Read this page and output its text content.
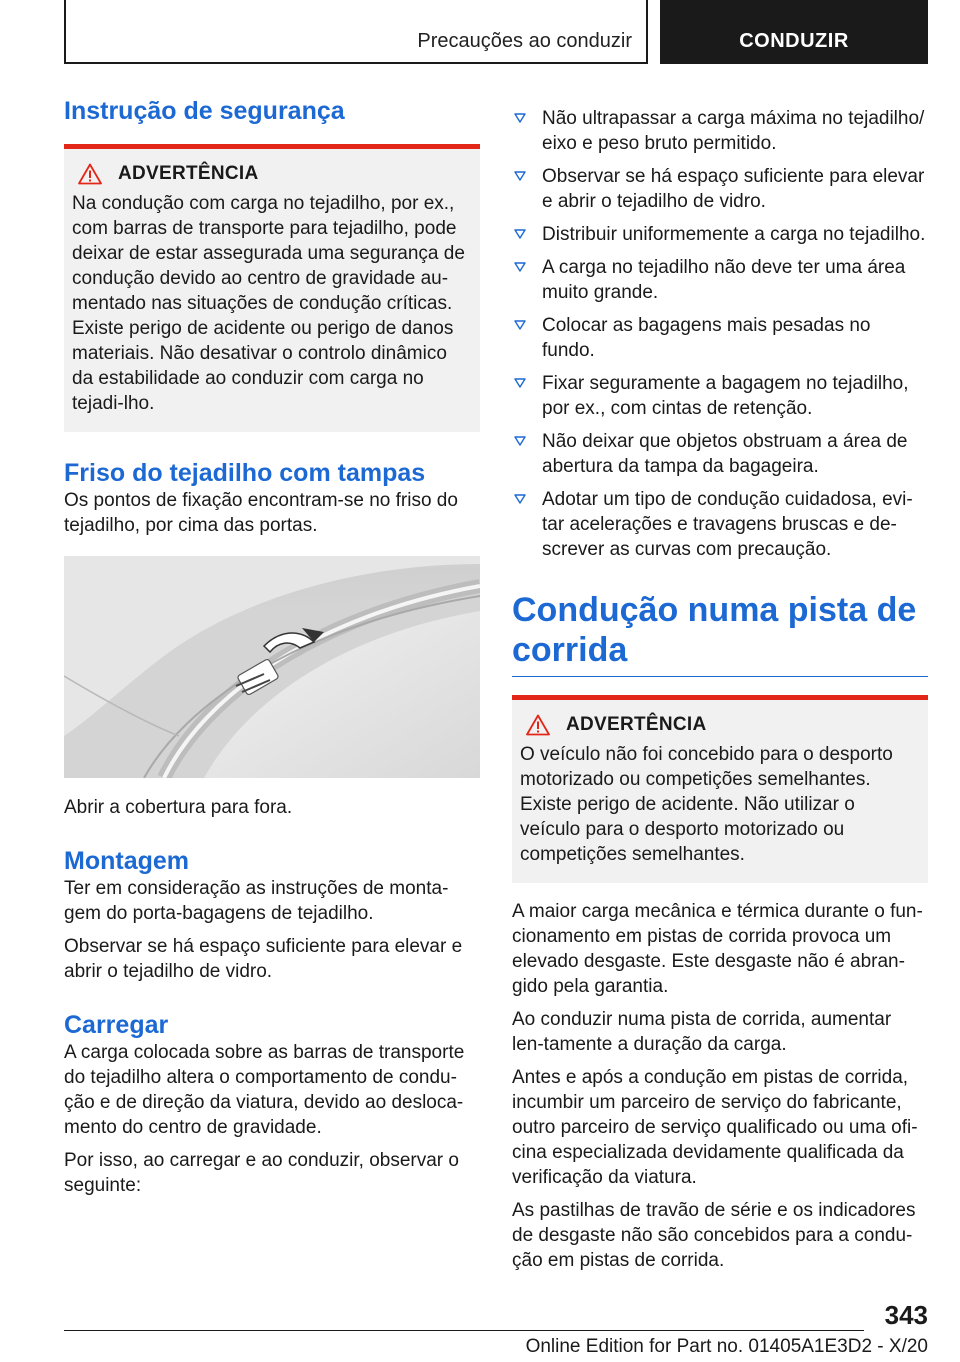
Precauções ao conduzir	CONDUZIR
Instrução de segurança
ADVERTÊNCIA
Na condução com carga no tejadilho, por ex., com barras de transporte para tejadilho, pode deixar de estar assegurada uma segurança de condução devido ao centro de gravidade au-mentado nas situações de condução críticas. Existe perigo de acidente ou perigo de danos materiais. Não desativar o controlo dinâmico da estabilidade ao conduzir com carga no tejadi-lho.
Friso do tejadilho com tampas

Os pontos de fixação encontram-se no friso do tejadilho, por cima das portas.

Abrir a cobertura para fora.

Montagem

Ter em consideração as instruções de monta-gem do porta-bagagens de tejadilho.

Observar se há espaço suficiente para elevar e abrir o tejadilho de vidro.

Carregar

A carga colocada sobre as barras de transporte do tejadilho altera o comportamento de condu-ção e de direção da viatura, devido ao desloca-mento do centro de gravidade.

Por isso, ao carregar e ao conduzir, observar o seguinte:

Não ultrapassar a carga máxima no tejadilho/ eixo e peso bruto permitido.
Observar se há espaço suficiente para elevar e abrir o tejadilho de vidro.
Distribuir uniformemente a carga no tejadilho.
A carga no tejadilho não deve ter uma área muito grande.
Colocar as bagagens mais pesadas no fundo.
Fixar seguramente a bagagem no tejadilho, por ex., com cintas de retenção.
Não deixar que objetos obstruam a área de abertura da tampa da bagageira.
Adotar um tipo de condução cuidadosa, evi-tar acelerações e travagens bruscas e de-screver as curvas com precaução.
Condução numa pista de
corrida
ADVERTÊNCIA
O veículo não foi concebido para o desporto motorizado ou competições semelhantes. Existe perigo de acidente. Não utilizar o veículo para o desporto motorizado ou competições semelhantes.

A maior carga mecânica e térmica durante o fun-cionamento em pistas de corrida provoca um elevado desgaste. Este desgaste não é abran-gido pela garantia.

Ao conduzir numa pista de corrida, aumentar len-tamente a duração da carga.

Antes e após a condução em pistas de corrida, incumbir um parceiro de serviço do fabricante, outro parceiro de serviço qualificado ou uma ofi-cina especializada devidamente qualificada da verificação da viatura.

As pastilhas de travão de série e os indicadores de desgaste não são concebidos para a condu-ção em pistas de corrida.

343
Online Edition for Part no. 01405A1E3D2 - X/20
